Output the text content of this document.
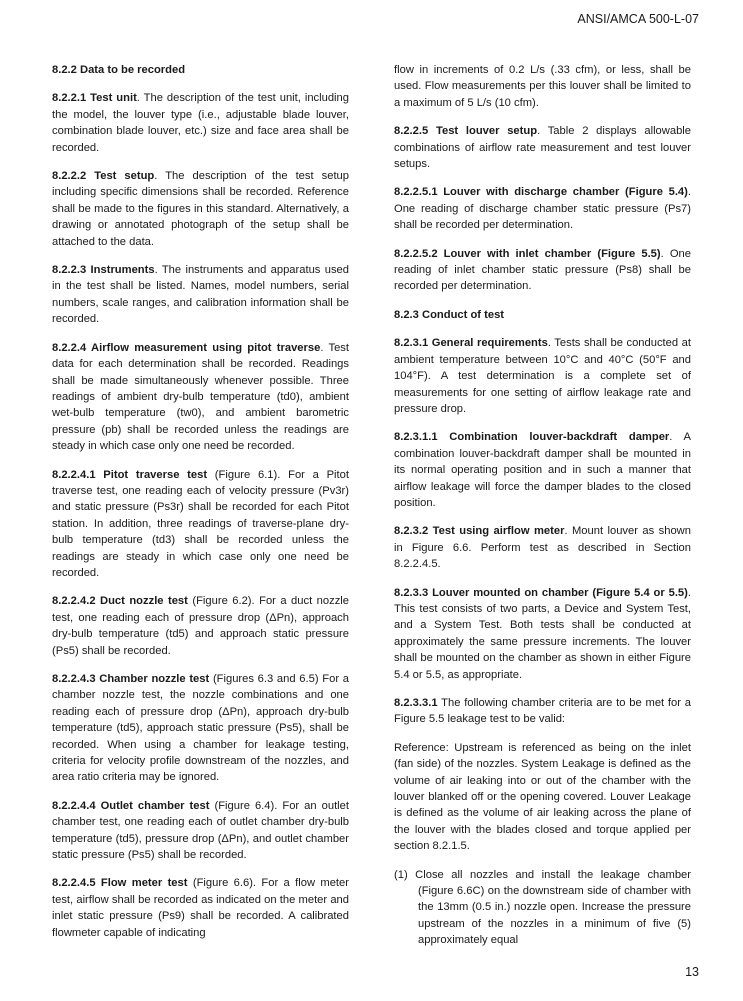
ANSI/AMCA 500-L-07

8.2.2 Data to be recorded

8.2.2.1 Test unit. The description of the test unit, including the model, the louver type (i.e., adjustable blade louver, combination blade louver, etc.) size and face area shall be recorded.

8.2.2.2 Test setup. The description of the test setup including specific dimensions shall be recorded. Reference shall be made to the figures in this standard. Alternatively, a drawing or annotated photograph of the setup shall be attached to the data.

8.2.2.3 Instruments. The instruments and apparatus used in the test shall be listed. Names, model numbers, serial numbers, scale ranges, and calibration information shall be recorded.

8.2.2.4 Airflow measurement using pitot traverse. Test data for each determination shall be recorded. Readings shall be made simultaneously whenever possible. Three readings of ambient dry-bulb temperature (td0), ambient wet-bulb temperature (tw0), and ambient barometric pressure (pb) shall be recorded unless the readings are steady in which case only one need be recorded.

8.2.2.4.1 Pitot traverse test (Figure 6.1). For a Pitot traverse test, one reading each of velocity pressure (Pv3r) and static pressure (Ps3r) shall be recorded for each Pitot station. In addition, three readings of traverse-plane dry-bulb temperature (td3) shall be recorded unless the readings are steady in which case only one need be recorded.

8.2.2.4.2 Duct nozzle test (Figure 6.2). For a duct nozzle test, one reading each of pressure drop (ΔPn), approach dry-bulb temperature (td5) and approach static pressure (Ps5) shall be recorded.

8.2.2.4.3 Chamber nozzle test (Figures 6.3 and 6.5) For a chamber nozzle test, the nozzle combinations and one reading each of pressure drop (ΔPn), approach dry-bulb temperature (td5), approach static pressure (Ps5), shall be recorded. When using a chamber for leakage testing, criteria for velocity profile downstream of the nozzles, and area ratio criteria may be ignored.

8.2.2.4.4 Outlet chamber test (Figure 6.4). For an outlet chamber test, one reading each of outlet chamber dry-bulb temperature (td5), pressure drop (ΔPn), and outlet chamber static pressure (Ps5) shall be recorded.

8.2.2.4.5 Flow meter test (Figure 6.6). For a flow meter test, airflow shall be recorded as indicated on the meter and inlet static pressure (Ps9) shall be recorded. A calibrated flowmeter capable of indicating

flow in increments of 0.2 L/s (.33 cfm), or less, shall be used. Flow measurements per this louver shall be limited to a maximum of 5 L/s (10 cfm).

8.2.2.5 Test louver setup. Table 2 displays allowable combinations of airflow rate measurement and test louver setups.

8.2.2.5.1 Louver with discharge chamber (Figure 5.4). One reading of discharge chamber static pressure (Ps7) shall be recorded per determination.

8.2.2.5.2 Louver with inlet chamber (Figure 5.5). One reading of inlet chamber static pressure (Ps8) shall be recorded per determination.

8.2.3 Conduct of test

8.2.3.1 General requirements. Tests shall be conducted at ambient temperature between 10°C and 40°C (50°F and 104°F). A test determination is a complete set of measurements for one setting of airflow leakage rate and pressure drop.

8.2.3.1.1 Combination louver-backdraft damper. A combination louver-backdraft damper shall be mounted in its normal operating position and in such a manner that airflow leakage will force the damper blades to the closed position.

8.2.3.2 Test using airflow meter. Mount louver as shown in Figure 6.6. Perform test as described in Section 8.2.2.4.5.

8.2.3.3 Louver mounted on chamber (Figure 5.4 or 5.5). This test consists of two parts, a Device and System Test, and a System Test. Both tests shall be conducted at approximately the same pressure increments. The louver shall be mounted on the chamber as shown in either Figure 5.4 or 5.5, as appropriate.

8.2.3.3.1 The following chamber criteria are to be met for a Figure 5.5 leakage test to be valid:

Reference: Upstream is referenced as being on the inlet (fan side) of the nozzles. System Leakage is defined as the volume of air leaking into or out of the chamber with the louver blanked off or the opening covered. Louver Leakage is defined as the volume of air leaking across the plane of the louver with the blades closed and torque applied per section 8.2.1.5.

(1) Close all nozzles and install the leakage chamber (Figure 6.6C) on the downstream side of chamber with the 13mm (0.5 in.) nozzle open. Increase the pressure upstream of the nozzles in a minimum of five (5) approximately equal

13
